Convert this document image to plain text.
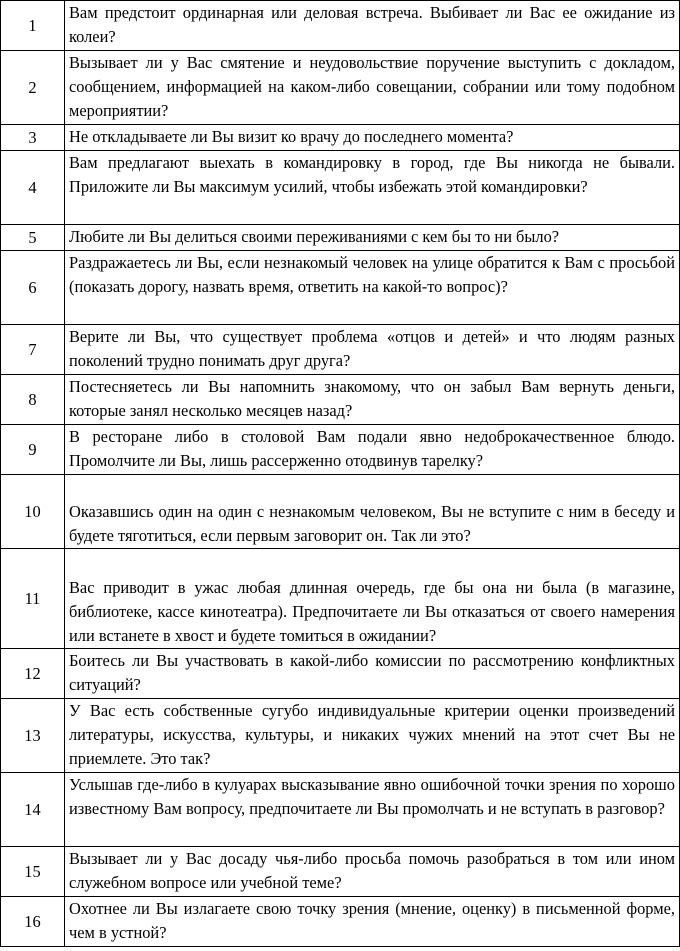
1	Вам предстоит ординарная или деловая встреча. Выбивает ли Вас ее ожидание из колеи?

2	Вызывает ли у Вас смятение и неудовольствие поручение выступить с докладом, сообщением, информацией на каком-либо совещании, собрании или тому подобном мероприятии?

3	Не откладываете ли Вы визит ко врачу до последнего момента?

4	Вам предлагают выехать в командировку в город, где Вы никогда не бывали. Приложите ли Вы максимум усилий, чтобы избежать этой командировки?

5	Любите ли Вы делиться своими переживаниями с кем бы то ни было?

6	Раздражаетесь ли Вы, если незнакомый человек на улице обратится к Вам с просьбой (показать дорогу, назвать время, ответить на какой-то вопрос)?

7	Верите ли Вы, что существует проблема «отцов и детей» и что людям разных поколений трудно понимать друг друга?

8	Постесняетесь ли Вы напомнить знакомому, что он забыл Вам вернуть деньги, которые занял несколько месяцев назад?

9	В ресторане либо в столовой Вам подали явно недоброкачественное блюдо. Промолчите ли Вы, лишь рассерженно отодвинув тарелку?

10	Оказавшись один на один с незнакомым человеком, Вы не вступите с ним в беседу и будете тяготиться, если первым заговорит он. Так ли это?

11	Вас приводит в ужас любая длинная очередь, где бы она ни была (в магазине, библиотеке, кассе кинотеатра). Предпочитаете ли Вы отказаться от своего намерения или встанете в хвост и будете томиться в ожидании?

12	Боитесь ли Вы участвовать в какой-либо комиссии по рассмотрению конфликтных ситуаций?

13	У Вас есть собственные сугубо индивидуальные критерии оценки произведений литературы, искусства, культуры, и никаких чужих мнений на этот счет Вы не приемлете. Это так?

14	Услышав где-либо в кулуарах высказывание явно ошибочной точки зрения по хорошо известному Вам вопросу, предпочитаете ли Вы промолчать и не вступать в разговор?

15	Вызывает ли у Вас досаду чья-либо просьба помочь разобраться в том или ином служебном вопросе или учебной теме?

16	Охотнее ли Вы излагаете свою точку зрения (мнение, оценку) в письменной форме, чем в устной?
